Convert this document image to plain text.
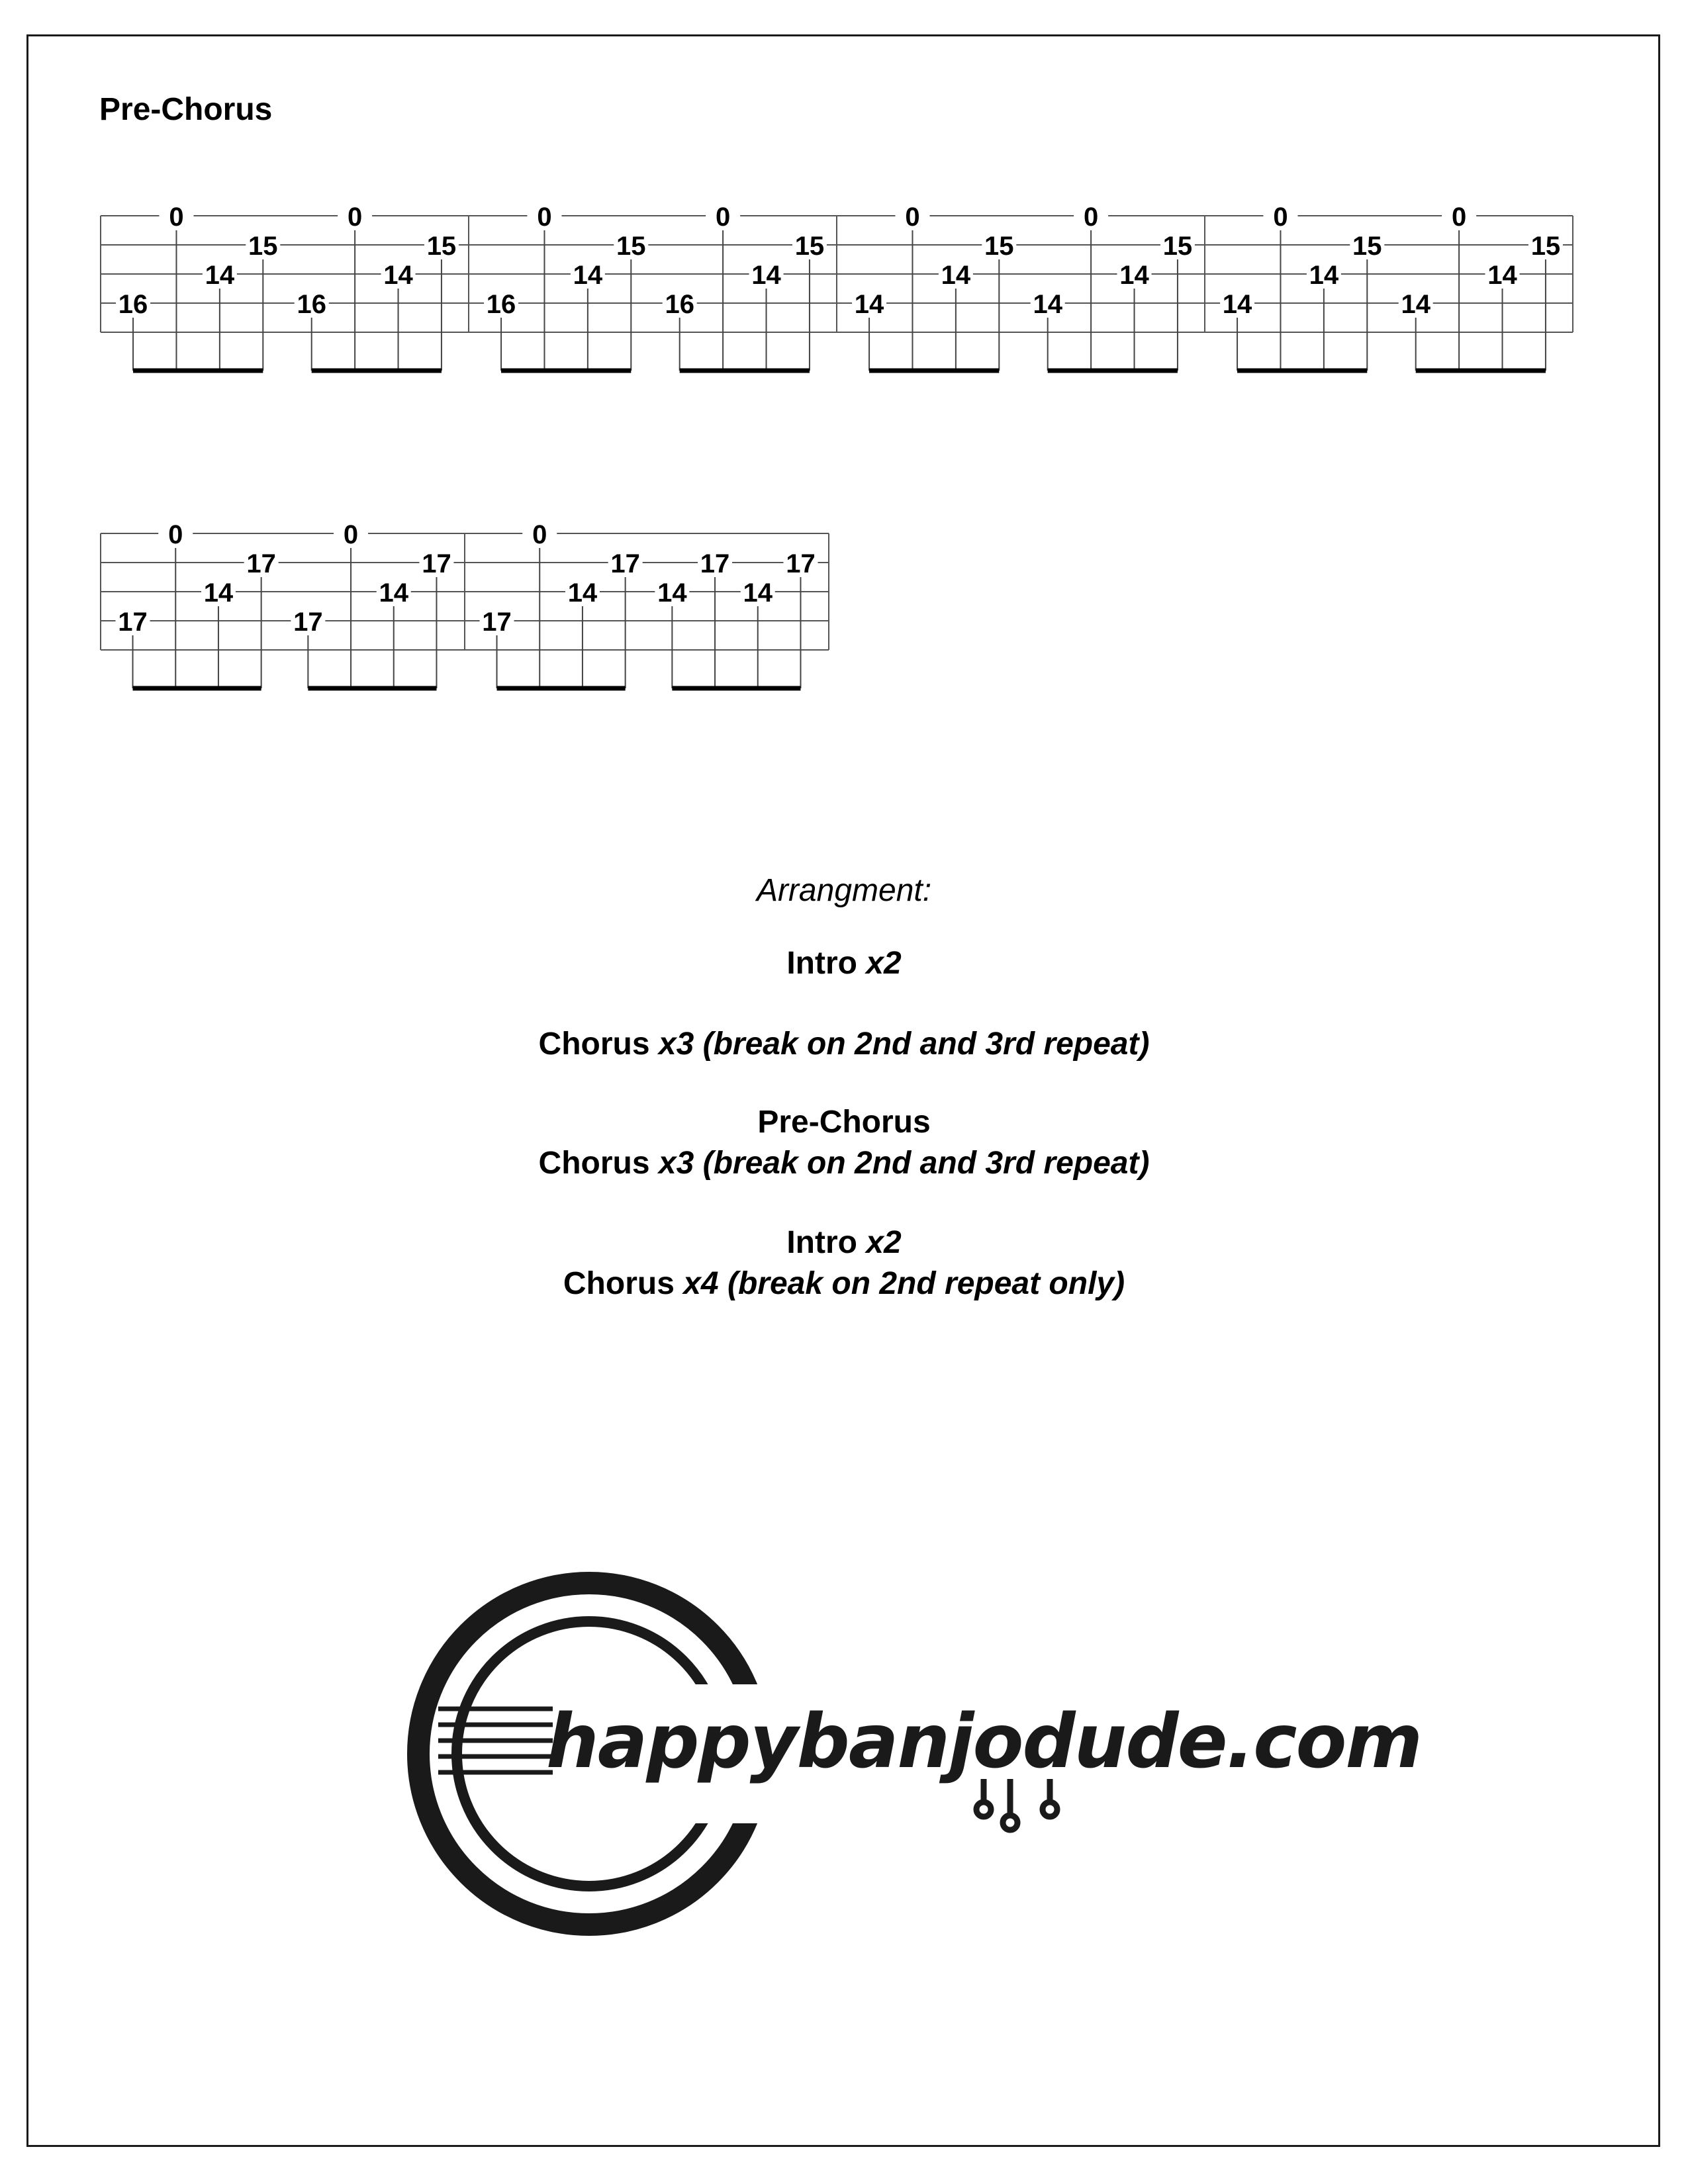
Pre-Chorus
16
0
14
15
16
0
14
15
16
0
14
15
16
0
14
15
14
0
14
15
14
0
14
15
14
0
14
15
14
0
14
15
17
0
14
17
17
0
14
17
17
0
14
17
14
17
14
17

Arrangment:

Intro x2

Chorus x3 (break on 2nd and 3rd repeat)

Pre-Chorus

Chorus x3 (break on 2nd and 3rd repeat)

Intro x2

Chorus x4 (break on 2nd repeat only)

happybanjodude.com
